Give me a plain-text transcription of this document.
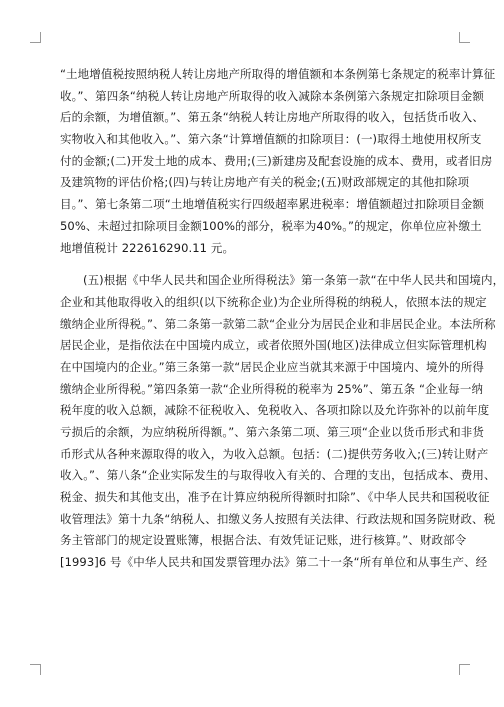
“土地增值税按照纳税人转让房地产所取得的增值额和本条例第七条规定的税率计算征
收。”、第四条“纳税人转让房地产所取得的收入减除本条例第六条规定扣除项目金额
后的余额，为增值额。”、第五条“纳税人转让房地产所取得的收入，包括货币收入、
实物收入和其他收入。”、第六条“计算增值额的扣除项目：(一)取得土地使用权所支
付的金额;(二)开发土地的成本、费用;(三)新建房及配套设施的成本、费用，或者旧房
及建筑物的评估价格;(四)与转让房地产有关的税金;(五)财政部规定的其他扣除项
目。”、第七条第二项“土地增值税实行四级超率累进税率：增值额超过扣除项目金额
50%、未超过扣除项目金额100%的部分，税率为40%。”的规定，你单位应补缴土
地增值税计 222616290.11 元。
(五)根据《中华人民共和国企业所得税法》第一条第一款“在中华人民共和国境内，
企业和其他取得收入的组织(以下统称企业)为企业所得税的纳税人，依照本法的规定
缴纳企业所得税。”、第二条第一款第二款“企业分为居民企业和非居民企业。本法所称
居民企业，是指依法在中国境内成立，或者依照外国(地区)法律成立但实际管理机构
在中国境内的企业。”第三条第一款“居民企业应当就其来源于中国境内、境外的所得
缴纳企业所得税。”第四条第一款“企业所得税的税率为 25%”、第五条 “企业每一纳
税年度的收入总额，减除不征税收入、免税收入、各项扣除以及允许弥补的以前年度
亏损后的余额，为应纳税所得额。”、第六条第二项、第三项“企业以货币形式和非货
币形式从各种来源取得的收入，为收入总额。包括：(二)提供劳务收入;(三)转让财产
收入。”、第八条“企业实际发生的与取得收入有关的、合理的支出，包括成本、费用、
税金、损失和其他支出，准予在计算应纳税所得额时扣除”、《中华人民共和国税收征
收管理法》第十九条“纳税人、扣缴义务人按照有关法律、行政法规和国务院财政、税
务主管部门的规定设置账簿，根据合法、有效凭证记账，进行核算。”、财政部令
[1993]6 号《中华人民共和国发票管理办法》第二十一条“所有单位和从事生产、经
